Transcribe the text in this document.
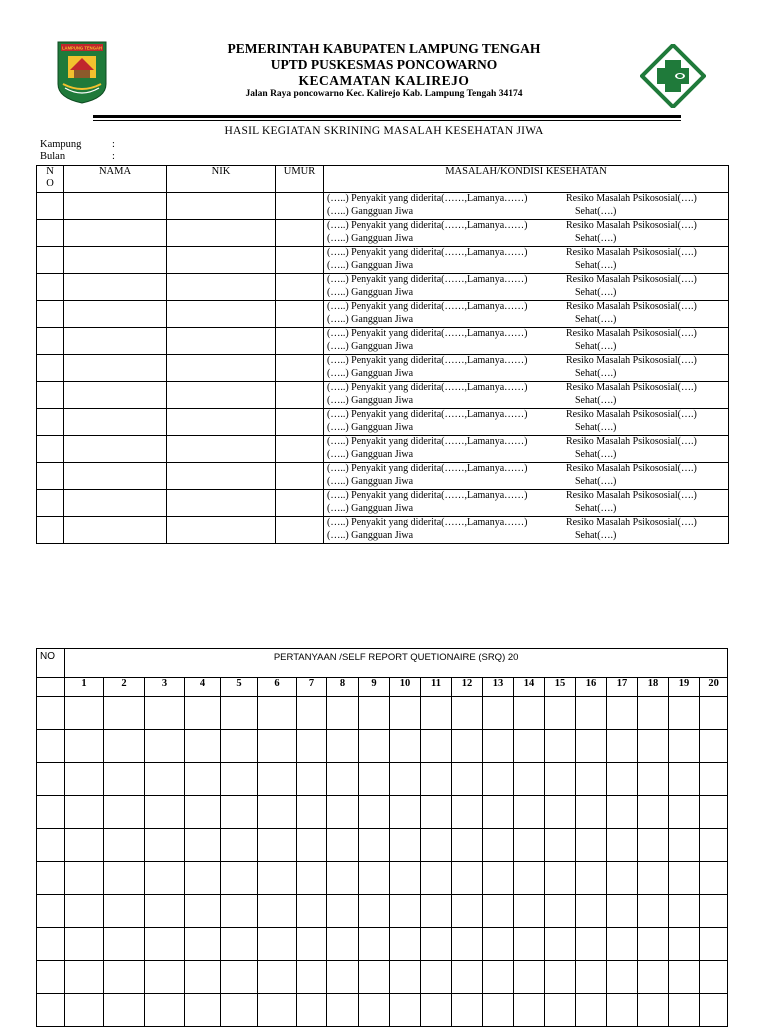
LAMPUNG TENGAH	PEMERINTAH KABUPATEN LAMPUNG TENGAH
UPTD PUSKESMAS PONCOWARNO
KECAMATAN KALIREJO
Jalan Raya poncowarno Kec. Kalirejo Kab. Lampung Tengah 34174
HASIL KEGIATAN SKRINING MASALAH KESEHATAN JIWA
Kampung	:
Bulan	:
N
O	NAMA	NIK	UMUR	MASALAH/KONDISI KESEHATAN

				(…..) Penyakit yang diderita(……,Lamanya……) Resiko Masalah Psikososial(….)
(…..) Gangguan Jiwa Sehat(….)

				(…..) Penyakit yang diderita(……,Lamanya……) Resiko Masalah Psikososial(….)
(…..) Gangguan Jiwa Sehat(….)

				(…..) Penyakit yang diderita(……,Lamanya……) Resiko Masalah Psikososial(….)
(…..) Gangguan Jiwa Sehat(….)

				(…..) Penyakit yang diderita(……,Lamanya……) Resiko Masalah Psikososial(….)
(…..) Gangguan Jiwa Sehat(….)

				(…..) Penyakit yang diderita(……,Lamanya……) Resiko Masalah Psikososial(….)
(…..) Gangguan Jiwa Sehat(….)

				(…..) Penyakit yang diderita(……,Lamanya……) Resiko Masalah Psikososial(….)
(…..) Gangguan Jiwa Sehat(….)

				(…..) Penyakit yang diderita(……,Lamanya……) Resiko Masalah Psikososial(….)
(…..) Gangguan Jiwa Sehat(….)

				(…..) Penyakit yang diderita(……,Lamanya……) Resiko Masalah Psikososial(….)
(…..) Gangguan Jiwa Sehat(….)

				(…..) Penyakit yang diderita(……,Lamanya……) Resiko Masalah Psikososial(….)
(…..) Gangguan Jiwa Sehat(….)

				(…..) Penyakit yang diderita(……,Lamanya……) Resiko Masalah Psikososial(….)
(…..) Gangguan Jiwa Sehat(….)

				(…..) Penyakit yang diderita(……,Lamanya……) Resiko Masalah Psikososial(….)
(…..) Gangguan Jiwa Sehat(….)

				(…..) Penyakit yang diderita(……,Lamanya……) Resiko Masalah Psikososial(….)
(…..) Gangguan Jiwa Sehat(….)

				(…..) Penyakit yang diderita(……,Lamanya……) Resiko Masalah Psikososial(….)
(…..) Gangguan Jiwa Sehat(….)
NO	PERTANYAAN /SELF REPORT QUETIONAIRE (SRQ) 20																			
	1	2	3	4	5	6	7	8	9	10	11	12	13	14	15	16	17	18	19	20
